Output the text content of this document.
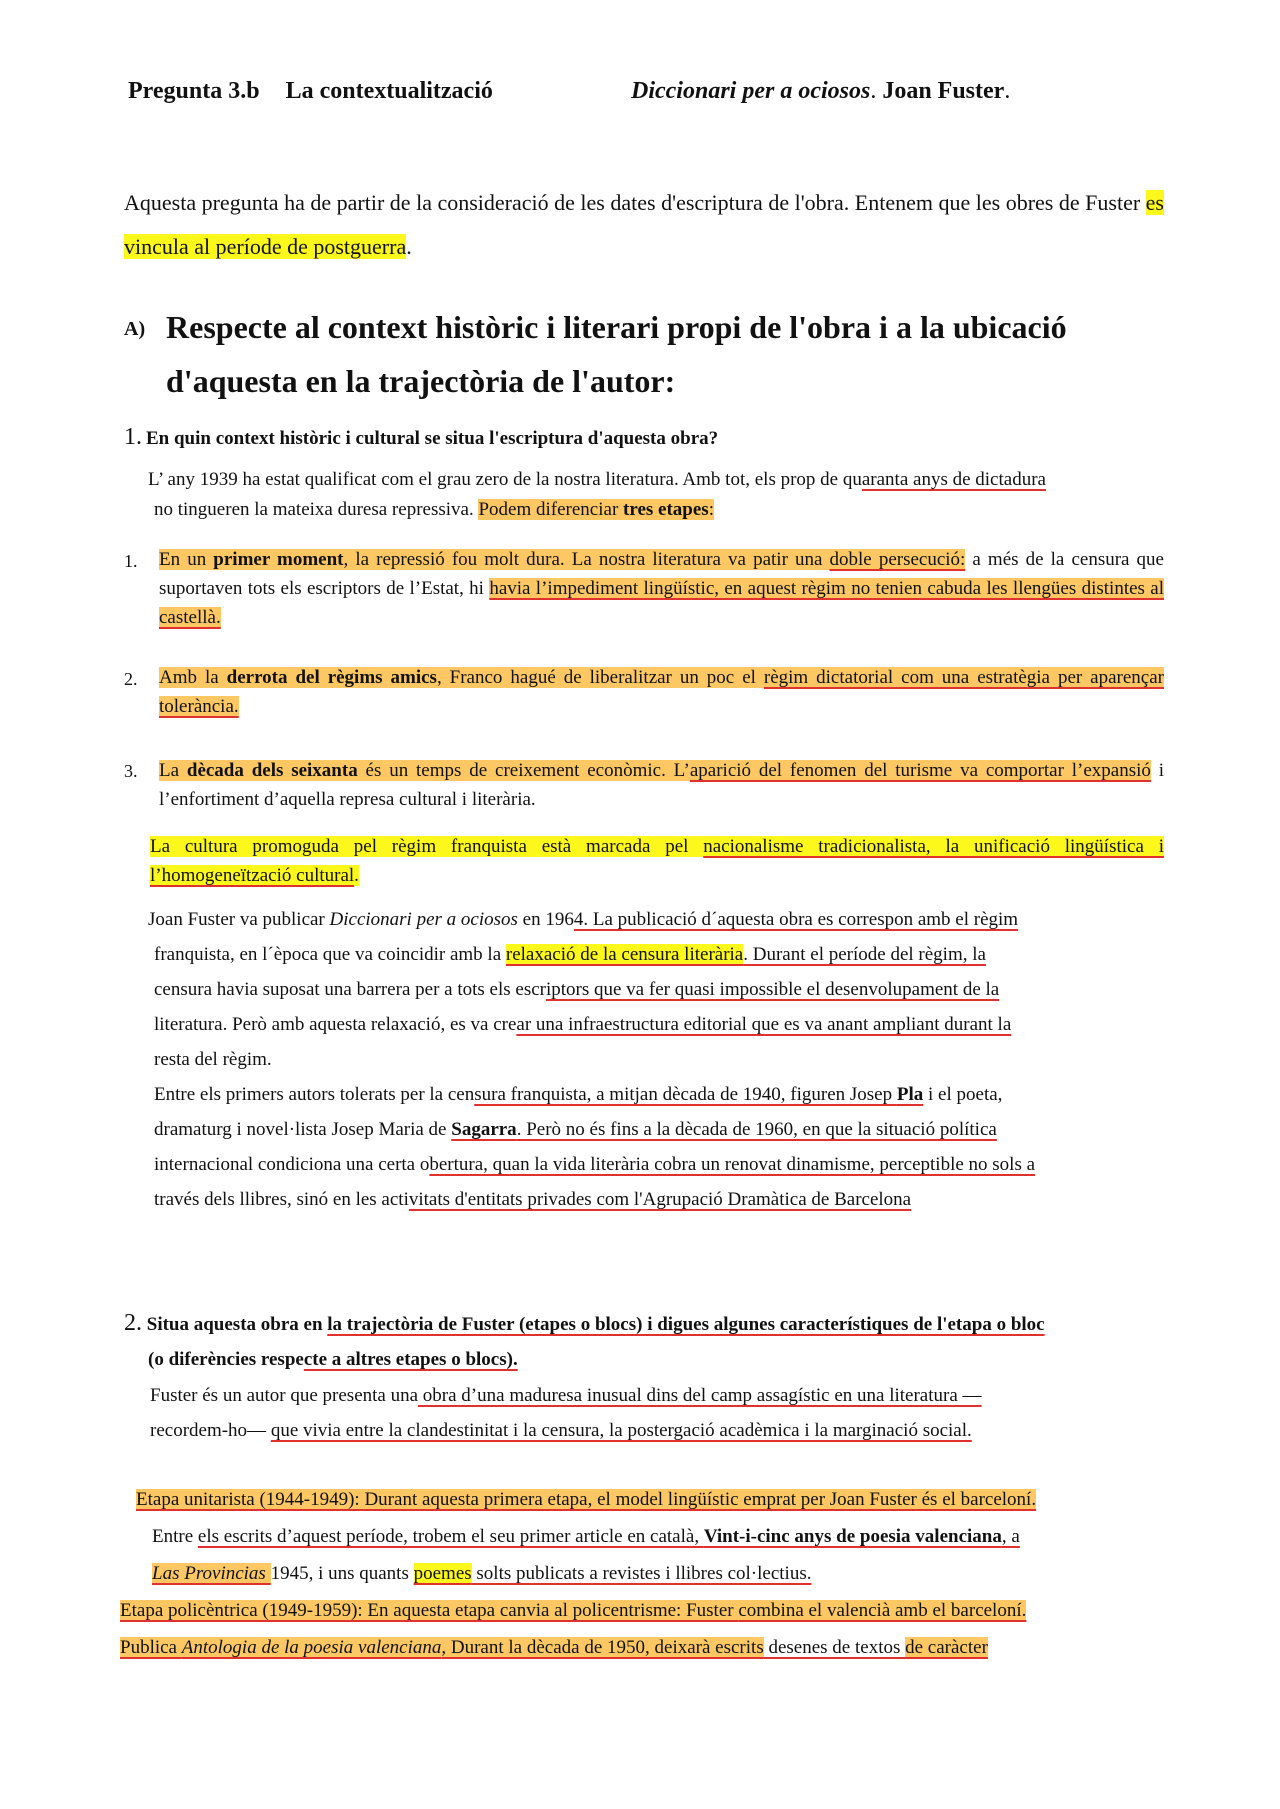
Pregunta 3.b La contextualització	Diccionari per a ociosos. Joan Fuster.
Aquesta pregunta ha de partir de la consideració de les dates d'escriptura de l'obra. Entenem que les obres de Fuster es vincula al període de postguerra.
A) Respecte al context històric i literari propi de l'obra i a la ubicació d'aquesta en la trajectòria de l'autor:
1. En quin context històric i cultural se situa l'escriptura d'aquesta obra?
L’ any 1939 ha estat qualificat com el grau zero de la nostra literatura. Amb tot, els prop de quaranta anys de dictadura
no tingueren la mateixa duresa repressiva. Podem diferenciar tres etapes:
1. En un primer moment, la repressió fou molt dura. La nostra literatura va patir una doble persecució: a més de la censura que suportaven tots els escriptors de l’Estat, hi havia l’impediment lingüístic, en aquest règim no tenien cabuda les llengües distintes al castellà.
2. Amb la derrota del règims amics, Franco hagué de liberalitzar un poc el règim dictatorial com una estratègia per aparençar tolerància.
3. La dècada dels seixanta és un temps de creixement econòmic. L’aparició del fenomen del turisme va comportar l’expansió i l’enfortiment d’aquella represa cultural i literària.
La cultura promoguda pel règim franquista està marcada pel nacionalisme tradicionalista, la unificació lingüística i l’homogeneïtzació cultural.
Joan Fuster va publicar Diccionari per a ociosos en 1964. La publicació d´aquesta obra es correspon amb el règim
franquista, en l´època que va coincidir amb la relaxació de la censura literària. Durant el període del règim, la
censura havia suposat una barrera per a tots els escriptors que va fer quasi impossible el desenvolupament de la
literatura. Però amb aquesta relaxació, es va crear una infraestructura editorial que es va anant ampliant durant la
resta del règim.
Entre els primers autors tolerats per la censura franquista, a mitjan dècada de 1940, figuren Josep Pla i el poeta,
dramaturg i novel·lista Josep Maria de Sagarra. Però no és fins a la dècada de 1960, en que la situació política
internacional condiciona una certa obertura, quan la vida literària cobra un renovat dinamisme, perceptible no sols a
través dels llibres, sinó en les activitats d'entitats privades com l'Agrupació Dramàtica de Barcelona
2. Situa aquesta obra en la trajectòria de Fuster (etapes o blocs) i digues algunes característiques de l'etapa o bloc
(o diferències respecte a altres etapes o blocs).
Fuster és un autor que presenta una obra d’una maduresa inusual dins del camp assagístic en una literatura —
recordem-ho— que vivia entre la clandestinitat i la censura, la postergació acadèmica i la marginació social.
Etapa unitarista (1944-1949): Durant aquesta primera etapa, el model lingüístic emprat per Joan Fuster és el barceloní.
Entre els escrits d’aquest període, trobem el seu primer article en català, Vint-i-cinc anys de poesia valenciana, a
Las Provincias 1945, i uns quants poemes solts publicats a revistes i llibres col·lectius.
Etapa policèntrica (1949-1959): En aquesta etapa canvia al policentrisme: Fuster combina el valencià amb el barceloní.
Publica Antologia de la poesia valenciana, Durant la dècada de 1950, deixarà escrits desenes de textos de caràcter
